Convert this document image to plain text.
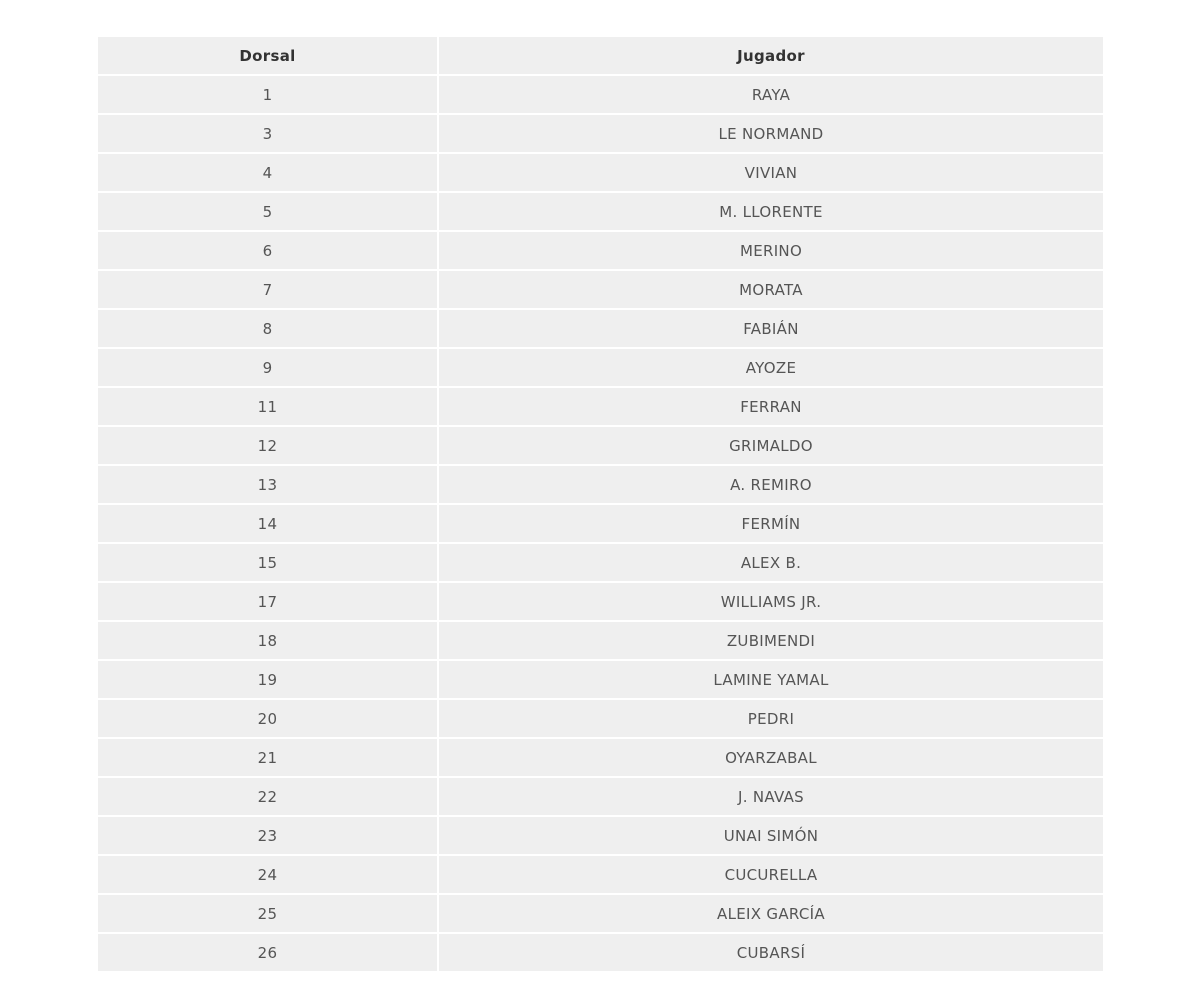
Dorsal	Jugador
1	RAYA
3	LE NORMAND
4	VIVIAN
5	M. LLORENTE
6	MERINO
7	MORATA
8	FABIÁN
9	AYOZE
11	FERRAN
12	GRIMALDO
13	A. REMIRO
14	FERMÍN
15	ALEX B.
17	WILLIAMS JR.
18	ZUBIMENDI
19	LAMINE YAMAL
20	PEDRI
21	OYARZABAL
22	J. NAVAS
23	UNAI SIMÓN
24	CUCURELLA
25	ALEIX GARCÍA
26	CUBARSÍ
